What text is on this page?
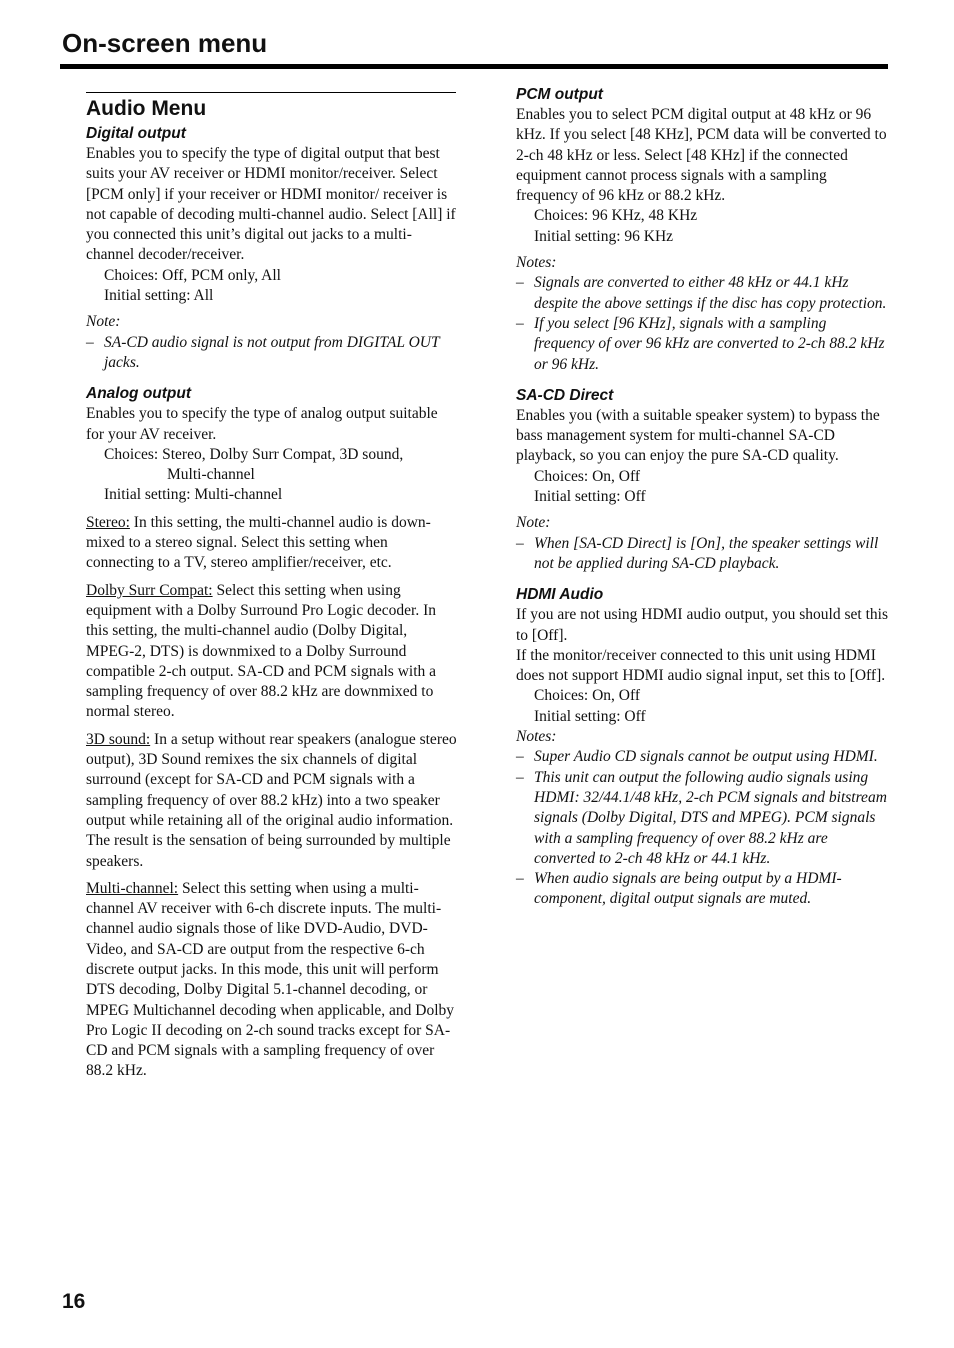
On-screen menu
Audio Menu
Digital output

Enables you to specify the type of digital output that best suits your AV receiver or HDMI monitor/receiver. Select [PCM only] if your receiver or HDMI monitor/ receiver is not capable of decoding multi-channel audio. Select [All] if you connected this unit’s digital out jacks to a multi-channel decoder/receiver.

Choices: Off, PCM only, All

Initial setting: All

Note:

– SA-CD audio signal is not output from DIGITAL OUT jacks.
Analog output

Enables you to specify the type of analog output suitable for your AV receiver.

Choices: Stereo, Dolby Surr Compat, 3D sound,

Multi-channel

Initial setting: Multi-channel

Stereo: In this setting, the multi-channel audio is down-mixed to a stereo signal. Select this setting when connecting to a TV, stereo amplifier/receiver, etc.

Dolby Surr Compat: Select this setting when using equipment with a Dolby Surround Pro Logic decoder. In this setting, the multi-channel audio (Dolby Digital, MPEG-2, DTS) is downmixed to a Dolby Surround compatible 2-ch output. SA-CD and PCM signals with a sampling frequency of over 88.2 kHz are downmixed to normal stereo.

3D sound: In a setup without rear speakers (analogue stereo output), 3D Sound remixes the six channels of digital surround (except for SA-CD and PCM signals with a sampling frequency of over 88.2 kHz) into a two speaker output while retaining all of the original audio information. The result is the sensation of being surrounded by multiple speakers.

Multi-channel: Select this setting when using a multi-channel AV receiver with 6-ch discrete inputs. The multi-channel audio signals those of like DVD-Audio, DVD-Video, and SA-CD are output from the respective 6-ch discrete output jacks. In this mode, this unit will perform DTS decoding, Dolby Digital 5.1-channel decoding, or MPEG Multichannel decoding when applicable, and Dolby Pro Logic II decoding on 2-ch sound tracks except for SA-CD and PCM signals with a sampling frequency of over 88.2 kHz.

PCM output

Enables you to select PCM digital output at 48 kHz or 96 kHz. If you select [48 KHz], PCM data will be converted to 2-ch 48 kHz or less. Select [48 KHz] if the connected equipment cannot process signals with a sampling frequency of 96 kHz or 88.2 kHz.

Choices: 96 KHz, 48 KHz

Initial setting: 96 KHz

Notes:

– Signals are converted to either 48 kHz or 44.1 kHz despite the above settings if the disc has copy protection.
– If you select [96 KHz], signals with a sampling frequency of over 96 kHz are converted to 2-ch 88.2 kHz or 96 kHz.
SA-CD Direct

Enables you (with a suitable speaker system) to bypass the bass management system for multi-channel SA-CD playback, so you can enjoy the pure SA-CD quality.

Choices: On, Off

Initial setting: Off

Note:

– When [SA-CD Direct] is [On], the speaker settings will not be applied during SA-CD playback.
HDMI Audio

If you are not using HDMI audio output, you should set this to [Off].

If the monitor/receiver connected to this unit using HDMI does not support HDMI audio signal input, set this to [Off].

Choices: On, Off

Initial setting: Off

Notes:

– Super Audio CD signals cannot be output using HDMI.
– This unit can output the following audio signals using HDMI: 32/44.1/48 kHz, 2-ch PCM signals and bitstream signals (Dolby Digital, DTS and MPEG). PCM signals with a sampling frequency of over 88.2 kHz are converted to 2-ch 48 kHz or 44.1 kHz.
– When audio signals are being output by a HDMI-component, digital output signals are muted.

16
